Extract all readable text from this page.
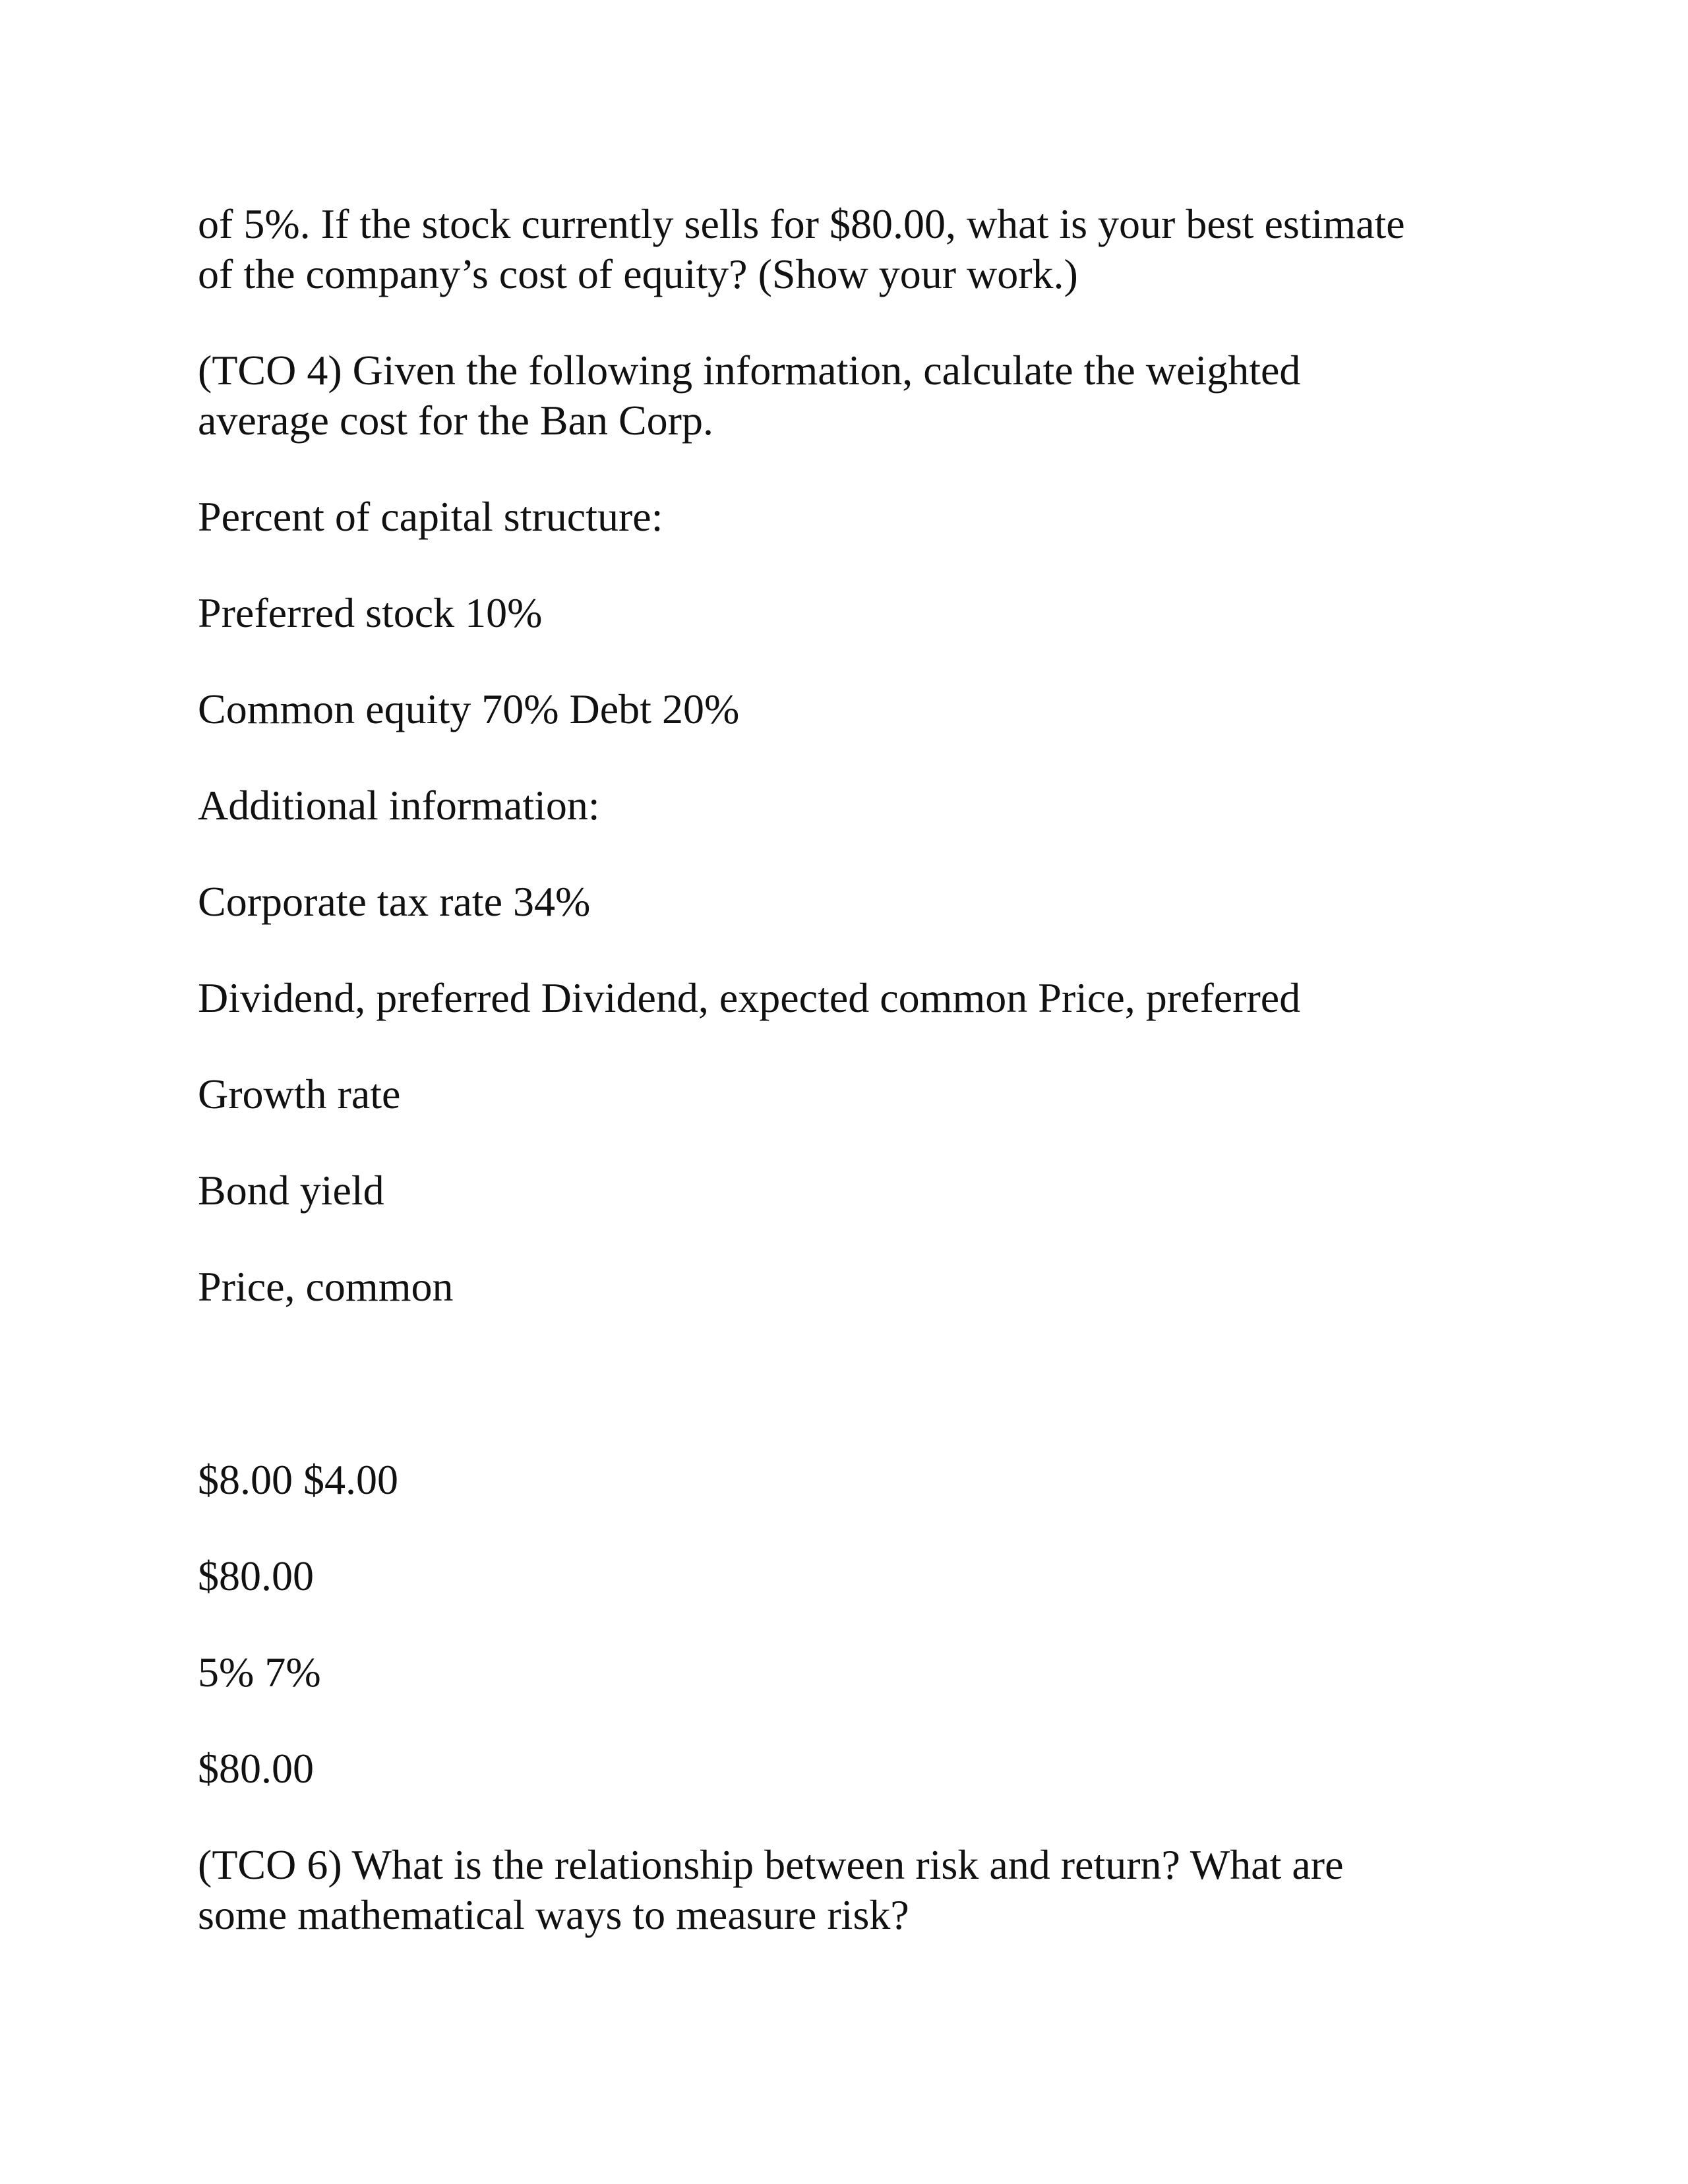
of 5%. If the stock currently sells for $80.00, what is your best estimate
of the company’s cost of equity? (Show your work.)

(TCO 4) Given the following information, calculate the weighted
average cost for the Ban Corp.

Percent of capital structure:

Preferred stock 10%

Common equity 70% Debt 20%

Additional information:

Corporate tax rate 34%

Dividend, preferred Dividend, expected common Price, preferred

Growth rate

Bond yield

Price, common

$8.00 $4.00

$80.00

5% 7%

$80.00

(TCO 6) What is the relationship between risk and return? What are
some mathematical ways to measure risk?
